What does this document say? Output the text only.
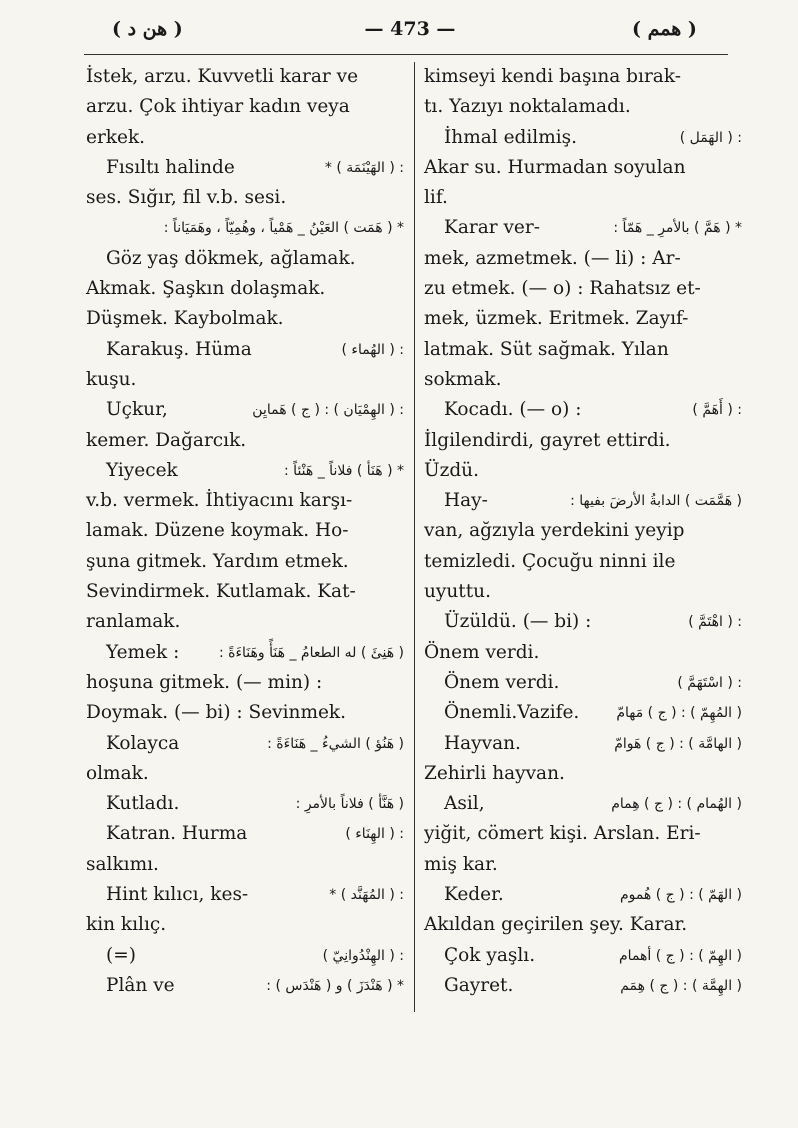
( هن د )	— 473 —	( همم )
İstek, arzu. Kuvvetli karar ve
arzu. Çok ihtiyar kadın veya
erkek.
Fısıltı halinde	: ( الهَيْنَمَة ) *
ses. Sığır, fil v.b. sesi.
* ( هَمَت ) العَيْنُ _ هَمْياً ، وهُمِيّاً ، وهَمَيَاناً :
Göz yaş dökmek, ağlamak.
Akmak. Şaşkın dolaşmak.
Düşmek. Kaybolmak.
Karakuş. Hüma	: ( الهُماء )
kuşu.
Uçkur,	: ( الهِمْيَان ) : ( ج ) هَمايِن
kemer. Dağarcık.
Yiyecek	* ( هَنَأ ) فلاناً _ هَنْئاً :
v.b. vermek. İhtiyacını karşı-
lamak. Düzene koymak. Ho-
şuna gitmek. Yardım etmek.
Sevindirmek. Kutlamak. Kat-
ranlamak.
Yemek :	( هَنِئَ ) له الطعامُ _ هَنَأً وهَنَاءَةً :
hoşuna gitmek. (— min) :
Doymak. (— bi) : Sevinmek.
Kolayca	( هَنُؤ ) الشيءُ _ هَنَاءَةً :
olmak.
Kutladı.	( هَنَّأ ) فلاناً بالأمرِ :
Katran. Hurma	: ( الهِنَاء )
salkımı.
Hint kılıcı, kes-	: ( المُهَنَّد ) *
kin kılıç.
(=)	: ( الهِنْدُوانِيّ )
Plân ve	* ( هَنْدَزَ ) و ( هَنْدَس ) :
kimseyi kendi başına bırak-
tı. Yazıyı noktalamadı.
İhmal edilmiş.	: ( الهَمَل )
Akar su. Hurmadan soyulan
lif.
Karar ver-	* ( هَمَّ ) بالأمرِ _ هَمّاً :
mek, azmetmek. (— li) : Ar-
zu etmek. (— o) : Rahatsız et-
mek, üzmek. Eritmek. Zayıf-
latmak. Süt sağmak. Yılan
sokmak.
Kocadı. (— o) :	: ( أَهَمَّ )
İlgilendirdi, gayret ettirdi.
Üzdü.
Hay-	( هَمَّمَت ) الدابةُ الأرضَ بفيها :
van, ağzıyla yerdekini yeyip
temizledi. Çocuğu ninni ile
uyuttu.
Üzüldü. (— bi) :	: ( اهْتَمَّ )
Önem verdi.
Önem verdi.	: ( اسْتَهَمَّ )
Önemli.Vazife.	( المُهِمّ ) : ( ج ) مَهامّ
Hayvan.	( الهامَّة ) : ( ج ) هَوامّ
Zehirli hayvan.
Asil,	( الهُمام ) : ( ج ) هِمام
yiğit, cömert kişi. Arslan. Eri-
miş kar.
Keder.	( الهَمّ ) : ( ج ) هُموم
Akıldan geçirilen şey. Karar.
Çok yaşlı.	( الهِمّ ) : ( ج ) أهمام
Gayret.	( الهِمَّة ) : ( ج ) هِمَم
